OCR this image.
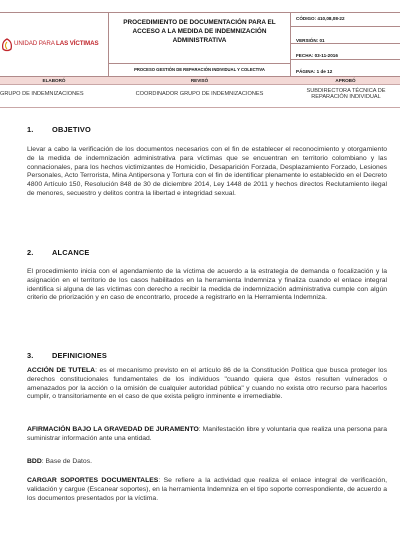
UNIDAD PARA LAS VÍCTIMAS
PROCEDIMIENTO DE DOCUMENTACIÓN PARA EL ACCESO A LA MEDIDA DE INDEMNIZACIÓN ADMINISTRATIVA
PROCESO GESTIÓN DE REPARACIÓN INDIVIDUAL Y COLECTIVA
CÓDIGO: 410,08,08-22
VERSIÓN: 01
FECHA: 03-11-2016
PÁGINA: 1 de 12
ELABORÓ	REVISÓ	APROBÓ
GRUPO DE INDEMNIZACIONES	COORDINADOR GRUPO DE INDEMNIZACIONES	SUBDIRECTORA TÉCNICA DE REPARACIÓN INDIVIDUAL
1. OBJETIVO
Llevar a cabo la verificación de los documentos necesarios con el fin de establecer el reconocimiento y otorgamiento de la medida de indemnización administrativa para víctimas que se encuentran en territorio colombiano y las connacionales, para los hechos victimizantes de Homicidio, Desaparición Forzada, Desplazamiento Forzado, Lesiones Personales, Acto Terrorista, Mina Antipersona y Tortura con el fin de identificar plenamente lo establecido en el Decreto 4800 Artículo 150, Resolución 848 de 30 de diciembre 2014, Ley 1448 de 2011 y hechos directos Reclutamiento ilegal de menores, secuestro y delitos contra la libertad e integridad sexual.
2. ALCANCE
El procedimiento inicia con el agendamiento de la víctima de acuerdo a la estrategia de demanda o focalización y la asignación en el territorio de los casos habilitados en la herramienta Indemniza y finaliza cuando el enlace integral identifica si alguna de las víctimas con derecho a recibir la medida de indemnización administrativa cumple con algún criterio de priorización y en caso de encontrarlo, procede a registrarlo en la Herramienta Indemniza.
3. DEFINICIONES
ACCIÓN DE TUTELA: es el mecanismo previsto en el artículo 86 de la Constitución Política que busca proteger los derechos constitucionales fundamentales de los individuos "cuando quiera que éstos resulten vulnerados o amenazados por la acción o la omisión de cualquier autoridad pública" y cuando no exista otro recurso para hacerlos cumplir, o transitoriamente en el caso de que exista peligro inminente e irremediable.
AFIRMACIÓN BAJO LA GRAVEDAD DE JURAMENTO: Manifestación libre y voluntaria que realiza una persona para suministrar información ante una entidad.
BDD: Base de Datos.
CARGAR SOPORTES DOCUMENTALES: Se refiere a la actividad que realiza el enlace integral de verificación, validación y cargue (Escanear soportes), en la herramienta Indemniza en el tipo soporte correspondiente, de acuerdo a los documentos presentados por la víctima.
